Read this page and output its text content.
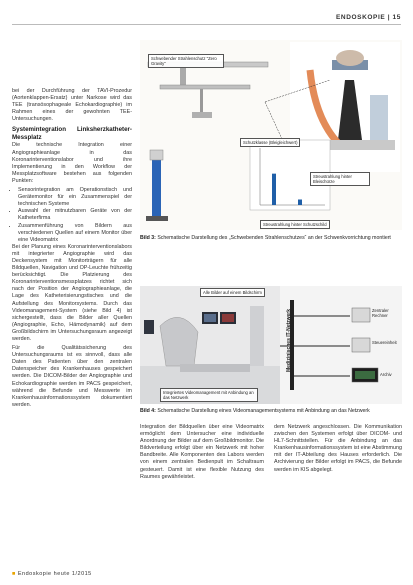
ENDOSKOPIE | 15

bei der Durchführung der TAVI-Prozedur (Aortenklappen-Ersatz) unter Narkose wird das TEE (transösophageale Echokardiographie) im Rahmen eines der gewohnten TEE-Untersuchungen.

Systemintegration Linksherzkatheter-Messplatz

Die technische Integration einer Angiographieanlage in das Koronarinterventionslabor und ihre Implementierung in den Workflow der Messplatzsoftware bestehen aus folgenden Punkten:

• Sensorintegration am Operationstisch und Gerätemonitor für ein Zusammenspiel der technischen Systeme
• Auswahl der mitnutzbaren Geräte von der Katheterfirma
• Zusammenführung von Bildern aus verschiedenen Quellen auf einem Monitor über eine Videomatrix

Bei der Planung eines Koronarinterventionslabors mit integrierter Angiographie wird das Deckensystem mit Monitorträgern für alle Bildquellen, Navigation und OP-Leuchte frühzeitig berücksichtigt. Die Platzierung des Koronarinterventionsmessplatzes richtet sich nach der Position der Angiographieanlage, die Lage des Katheterisierungstisches und die Aufstellung des Monitorsystems. Durch das Videomanagement-System (siehe Bild 4) ist sichergestellt, dass die Bilder aller Quellen (Angiographie, Echo, Hämodynamik) auf dem Großbildschirm im Untersuchungsraum angezeigt werden.

Für die Qualitätssicherung des Untersuchungsraums ist es sinnvoll, dass alle Daten des Patienten über den zentralen Datenspeicher des Krankenhauses gespeichert werden. Die DICOM-Bilder der Angiographie und Echokardiographie werden im PACS gespeichert, während die Befunde und Messwerte im Krankenhausinformationssystem dokumentiert werden.

Schwebender Strahlenschutz "Zero Gravity"
Schutzklasse (Bleigleichwert)
Streustrahlung hinter Schutzschild
Streustrahlung hinter Bleischürze
Bild 3: Schematische Darstellung des „Schwebenden Strahlenschutzes“ an der Schwenkvorrichtung montiert
Medizinisches IT-Netzwerk
Alle Bilder auf einem Bildschirm
Zentraler Rechner
Steuereinheit
Archiv
Integriertes Videomanagement mit Anbindung an das Netzwerk
Bild 4: Schematische Darstellung eines Videomanagementsystems mit Anbindung an das Netzwerk

Integration der Bildquellen über eine Videomatrix ermöglicht dem Untersucher eine individuelle Anordnung der Bilder auf dem Großbildmonitor. Die Bildverteilung erfolgt über ein Netzwerk mit hoher Bandbreite. Alle Komponenten des Labors werden von einem zentralen Bedienpult im Schaltraum gesteuert. Damit ist eine flexible Nutzung des Raumes gewährleistet.

dem Netzwerk angeschlossen. Die Kommunikation zwischen den Systemen erfolgt über DICOM- und HL7-Schnittstellen. Für die Anbindung an das Krankenhausinformationssystem ist eine Abstimmung mit der IT-Abteilung des Hauses erforderlich. Die Archivierung der Bilder erfolgt im PACS, die Befunde werden im KIS abgelegt.

■ Endoskopie heute 1/2015
